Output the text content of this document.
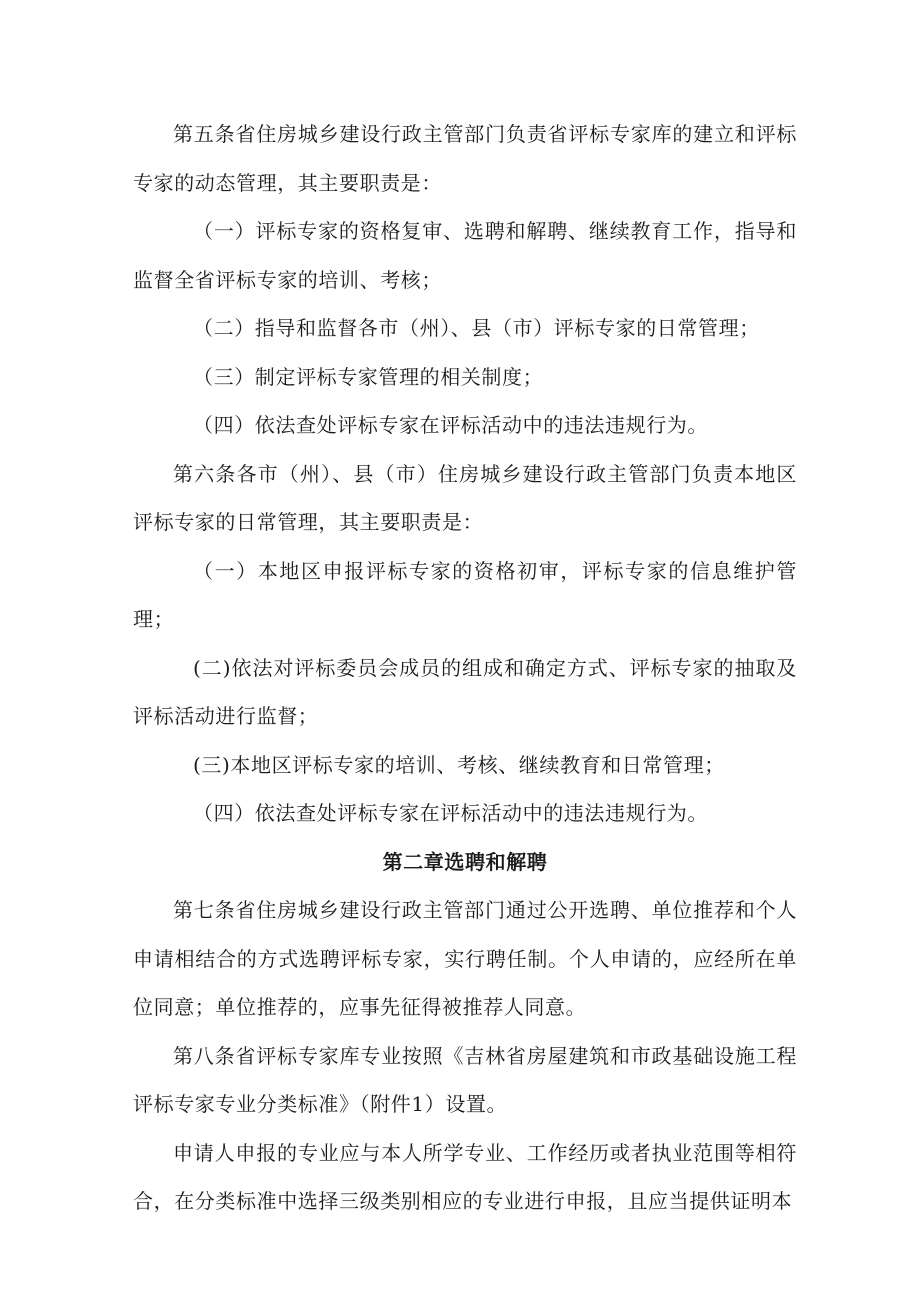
第五条省住房城乡建设行政主管部门负责省评标专家库的建立和评标专家的动态管理，其主要职责是：

（一）评标专家的资格复审、选聘和解聘、继续教育工作，指导和监督全省评标专家的培训、考核；

（二）指导和监督各市（州）、县（市）评标专家的日常管理；

（三）制定评标专家管理的相关制度；

（四）依法查处评标专家在评标活动中的违法违规行为。

第六条各市（州）、县（市）住房城乡建设行政主管部门负责本地区评标专家的日常管理，其主要职责是：

（一）本地区申报评标专家的资格初审，评标专家的信息维护管理；

(二)依法对评标委员会成员的组成和确定方式、评标专家的抽取及评标活动进行监督；

(三)本地区评标专家的培训、考核、继续教育和日常管理；

（四）依法查处评标专家在评标活动中的违法违规行为。

第二章选聘和解聘

第七条省住房城乡建设行政主管部门通过公开选聘、单位推荐和个人申请相结合的方式选聘评标专家，实行聘任制。个人申请的，应经所在单位同意；单位推荐的，应事先征得被推荐人同意。

第八条省评标专家库专业按照《吉林省房屋建筑和市政基础设施工程评标专家专业分类标准》（附件1）设置。

申请人申报的专业应与本人所学专业、工作经历或者执业范围等相符合，在分类标准中选择三级类别相应的专业进行申报，且应当提供证明本
